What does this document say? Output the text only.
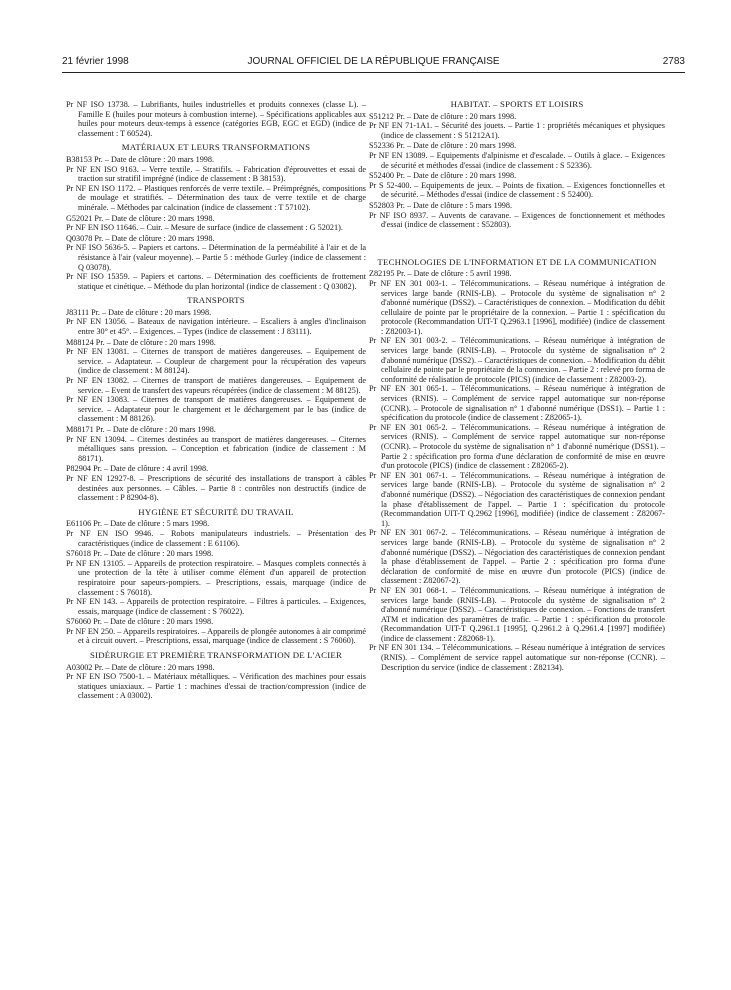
21 février 1998	JOURNAL OFFICIEL DE LA RÉPUBLIQUE FRANÇAISE	2783

Pr NF ISO 13738. – Lubrifiants, huiles industrielles et produits connexes (classe L). – Famille E (huiles pour moteurs à combustion interne). – Spécifications applicables aux huiles pour moteurs deux-temps à essence (catégories EGB, EGC et EGD) (indice de classement : T 60524).

MATÉRIAUX ET LEURS TRANSFORMATIONS

B38153 Pr. – Date de clôture : 20 mars 1998.

Pr NF EN ISO 9163. – Verre textile. – Stratifils. – Fabrication d'éprouvettes et essai de traction sur stratifil imprégné (indice de classement : B 38153).

Pr NF EN ISO 1172. – Plastiques renforcés de verre textile. – Préimprégnés, compositions de moulage et stratifiés. – Détermination des taux de verre textile et de charge minérale. – Méthodes par calcination (indice de classement : T 57102).

G52021 Pr. – Date de clôture : 20 mars 1998.

Pr NF EN ISO 11646. – Cuir. – Mesure de surface (indice de classement : G 52021).

Q03078 Pr. – Date de clôture : 20 mars 1998.

Pr NF ISO 5636-5. – Papiers et cartons. – Détermination de la perméabilité à l'air et de la résistance à l'air (valeur moyenne). – Partie 5 : méthode Gurley (indice de classement : Q 03078).

Pr NF ISO 15359. – Papiers et cartons. – Détermination des coefficients de frottement statique et cinétique. – Méthode du plan horizontal (indice de classement : Q 03082).

TRANSPORTS

J83111 Pr. – Date de clôture : 20 mars 1998.

Pr NF EN 13056. – Bateaux de navigation intérieure. – Escaliers à angles d'inclinaison entre 30° et 45°. – Exigences. – Types (indice de classement : J 83111).

M88124 Pr. – Date de clôture : 20 mars 1998.

Pr NF EN 13081. – Citernes de transport de matières dangereuses. – Equipement de service. – Adaptateur. – Coupleur de chargement pour la récupération des vapeurs (indice de classement : M 88124).

Pr NF EN 13082. – Citernes de transport de matières dangereuses. – Equipement de service. – Event de transfert des vapeurs récupérées (indice de classement : M 88125).

Pr NF EN 13083. – Citernes de transport de matières dangereuses. – Equipement de service. – Adaptateur pour le chargement et le déchargement par le bas (indice de classement : M 88126).

M88171 Pr. – Date de clôture : 20 mars 1998.

Pr NF EN 13094. – Citernes destinées au transport de matières dangereuses. – Citernes métalliques sans pression. – Conception et fabrication (indice de classement : M 88171).

P82904 Pr. – Date de clôture : 4 avril 1998.

Pr NF EN 12927-8. – Prescriptions de sécurité des installations de transport à câbles destinées aux personnes. – Câbles. – Partie 8 : contrôles non destructifs (indice de classement : P 82904-8).

HYGIÈNE ET SÉCURITÉ DU TRAVAIL

E61106 Pr. – Date de clôture : 5 mars 1998.

Pr NF EN ISO 9946. – Robots manipulateurs industriels. – Présentation des caractéristiques (indice de classement : E 61106).

S76018 Pr. – Date de clôture : 20 mars 1998.

Pr NF EN 13105. – Appareils de protection respiratoire. – Masques complets connectés à une protection de la tête à utiliser comme élément d'un appareil de protection respiratoire pour sapeurs-pompiers. – Prescriptions, essais, marquage (indice de classement : S 76018).

Pr NF EN 143. – Appareils de protection respiratoire. – Filtres à particules. – Exigences, essais, marquage (indice de classement : S 76022).

S76060 Pr. – Date de clôture : 20 mars 1998.

Pr NF EN 250. – Appareils respiratoires. – Appareils de plongée autonomes à air comprimé et à circuit ouvert. – Prescriptions, essai, marquage (indice de classement : S 76060).

SIDÉRURGIE ET PREMIÈRE TRANSFORMATION DE L'ACIER

A03002 Pr. – Date de clôture : 20 mars 1998.

Pr NF EN ISO 7500-1. – Matériaux métalliques. – Vérification des machines pour essais statiques uniaxiaux. – Partie 1 : machines d'essai de traction/compression (indice de classement : A 03002).

HABITAT. – SPORTS ET LOISIRS

S51212 Pr. – Date de clôture : 20 mars 1998.

Pr NF EN 71-1A1. – Sécurité des jouets. – Partie 1 : propriétés mécaniques et physiques (indice de classement : S 51212A1).

S52336 Pr. – Date de clôture : 20 mars 1998.

Pr NF EN 13089. – Equipements d'alpinisme et d'escalade. – Outils à glace. – Exigences de sécurité et méthodes d'essai (indice de classement : S 52336).

S52400 Pr. – Date de clôture : 20 mars 1998.

Pr S 52-400. – Equipements de jeux. – Points de fixation. – Exigences fonctionnelles et de sécurité. – Méthodes d'essai (indice de classement : S 52400).

S52803 Pr. – Date de clôture : 5 mars 1998.

Pr NF ISO 8937. – Auvents de caravane. – Exigences de fonctionnement et méthodes d'essai (indice de classement : S52803).

TECHNOLOGIES DE L'INFORMATION ET DE LA COMMUNICATION

Z82195 Pr. – Date de clôture : 5 avril 1998.

Pr NF EN 301 003-1. – Télécommunications. – Réseau numérique à intégration de services large bande (RNIS-LB). – Protocole du système de signalisation n° 2 d'abonné numérique (DSS2). – Caractéristiques de connexion. – Modification du débit cellulaire de pointe par le propriétaire de la connexion. – Partie 1 : spécification du protocole (Recommandation UIT-T Q.2963.1 [1996], modifiée) (indice de classement : Z82003-1).

Pr NF EN 301 003-2. – Télécommunications. – Réseau numérique à intégration de services large bande (RNIS-LB). – Protocole du système de signalisation n° 2 d'abonné numérique (DSS2). – Caractéristiques de connexion. – Modification du débit cellulaire de pointe par le propriétaire de la connexion. – Partie 2 : relevé pro forma de conformité de réalisation de protocole (PICS) (indice de classement : Z82003-2).

Pr NF EN 301 065-1. – Télécommunications. – Réseau numérique à intégration de services (RNIS). – Complément de service rappel automatique sur non-réponse (CCNR). – Protocole de signalisation n° 1 d'abonné numérique (DSS1). – Partie 1 : spécification du protocole (indice de classement : Z82065-1).

Pr NF EN 301 065-2. – Télécommunications. – Réseau numérique à intégration de services (RNIS). – Complément de service rappel automatique sur non-réponse (CCNR). – Protocole du système de signalisation n° 1 d'abonné numérique (DSS1). – Partie 2 : spécification pro forma d'une déclaration de conformité de mise en œuvre d'un protocole (PICS) (indice de classement : Z82065-2).

Pr NF EN 301 067-1. – Télécommunications. – Réseau numérique à intégration de services large bande (RNIS-LB). – Protocole du système de signalisation n° 2 d'abonné numérique (DSS2). – Négociation des caractéristiques de connexion pendant la phase d'établissement de l'appel. – Partie 1 : spécification du protocole (Recommandation UIT-T Q.2962 [1996], modifiée) (indice de classement : Z82067-1).

Pr NF EN 301 067-2. – Télécommunications. – Réseau numérique à intégration de services large bande (RNIS-LB). – Protocole du système de signalisation n° 2 d'abonné numérique (DSS2). – Négociation des caractéristiques de connexion pendant la phase d'établissement de l'appel. – Partie 2 : spécification pro forma d'une déclaration de conformité de mise en œuvre d'un protocole (PICS) (indice de classement : Z82067-2).

Pr NF EN 301 068-1. – Télécommunications. – Réseau numérique à intégration de services large bande (RNIS-LB). – Protocole du système de signalisation n° 2 d'abonné numérique (DSS2). – Caractéristiques de connexion. – Fonctions de transfert ATM et indication des paramètres de trafic. – Partie 1 : spécification du protocole (Recommandation UIT-T Q.2961.1 [1995], Q.2961.2 à Q.2961.4 [1997] modifiée) (indice de classement : Z82068-1).

Pr NF EN 301 134. – Télécommunications. – Réseau numérique à intégration de services (RNIS). – Complément de service rappel automatique sur non-réponse (CCNR). – Description du service (indice de classement : Z82134).
